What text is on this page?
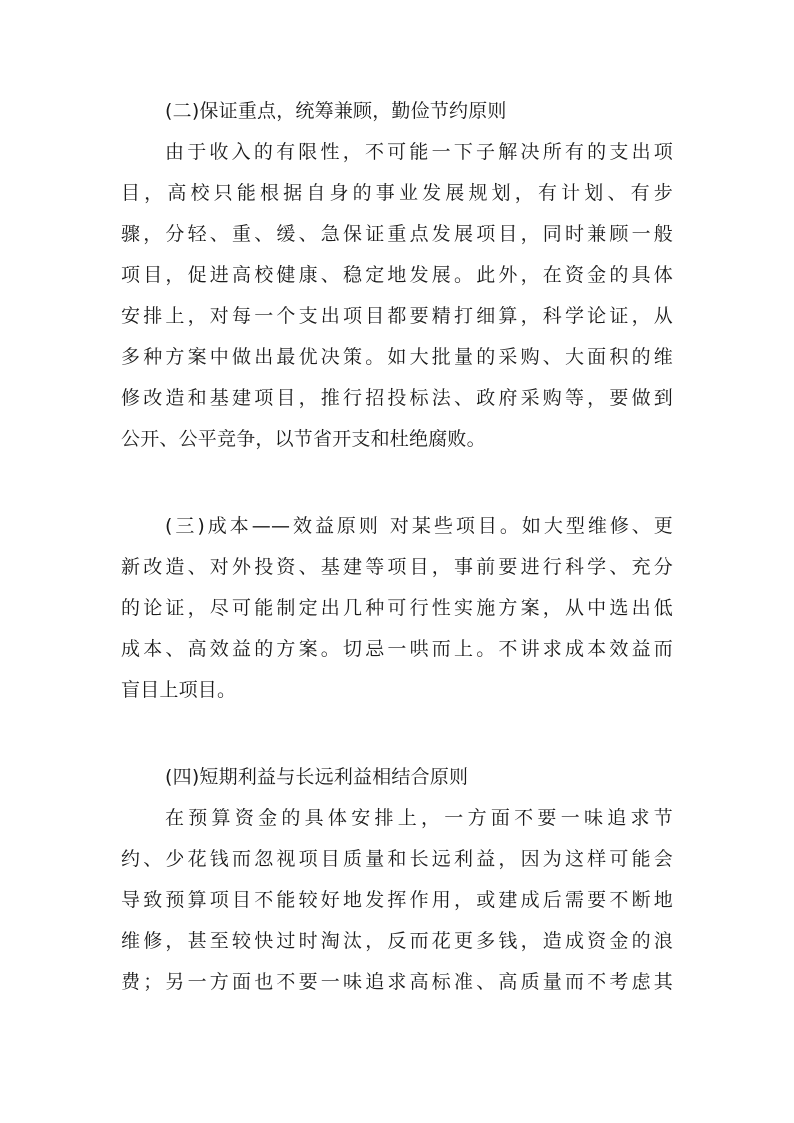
(二)保证重点，统筹兼顾，勤俭节约原则
由于收入的有限性，不可能一下子解决所有的支出项
目，高校只能根据自身的事业发展规划，有计划、有步
骤，分轻、重、缓、急保证重点发展项目，同时兼顾一般
项目，促进高校健康、稳定地发展。此外，在资金的具体
安排上，对每一个支出项目都要精打细算，科学论证，从
多种方案中做出最优决策。如大批量的采购、大面积的维
修改造和基建项目，推行招投标法、政府采购等，要做到
公开、公平竞争，以节省开支和杜绝腐败。
(三)成本——效益原则 对某些项目。如大型维修、更
新改造、对外投资、基建等项目，事前要进行科学、充分
的论证，尽可能制定出几种可行性实施方案，从中选出低
成本、高效益的方案。切忌一哄而上。不讲求成本效益而
盲目上项目。
(四)短期利益与长远利益相结合原则
在预算资金的具体安排上，一方面不要一味追求节
约、少花钱而忽视项目质量和长远利益，因为这样可能会
导致预算项目不能较好地发挥作用，或建成后需要不断地
维修，甚至较快过时淘汰，反而花更多钱，造成资金的浪
费；另一方面也不要一味追求高标准、高质量而不考虑其
